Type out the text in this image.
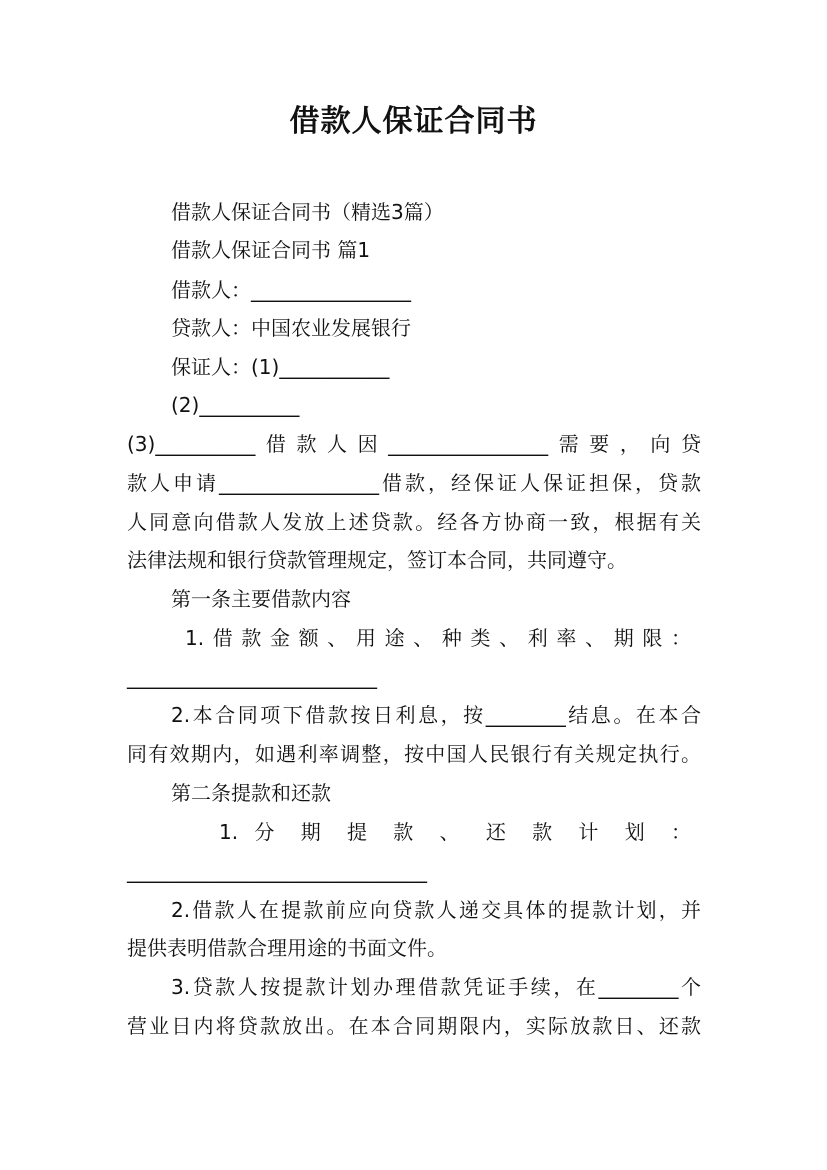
借款人保证合同书
借款人保证合同书（精选3篇）
借款人保证合同书 篇1
借款人：________________
贷款人：中国农业发展银行
保证人：(1)___________
(2)__________
(3)__________借款人因________________需要，向贷
款人申请________________借款，经保证人保证担保，贷款
人同意向借款人发放上述贷款。经各方协商一致，根据有关
法律法规和银行贷款管理规定，签订本合同，共同遵守。
第一条主要借款内容
1.借款金额、用途、种类、利率、期限：
_________________________
2.本合同项下借款按日利息，按________结息。在本合
同有效期内，如遇利率调整，按中国人民银行有关规定执行。
第二条提款和还款
1. 分 期 提 款 、 还 款 计 划 ：
______________________________
2.借款人在提款前应向贷款人递交具体的提款计划，并
提供表明借款合理用途的书面文件。
3.贷款人按提款计划办理借款凭证手续，在________个
营业日内将贷款放出。在本合同期限内，实际放款日、还款
